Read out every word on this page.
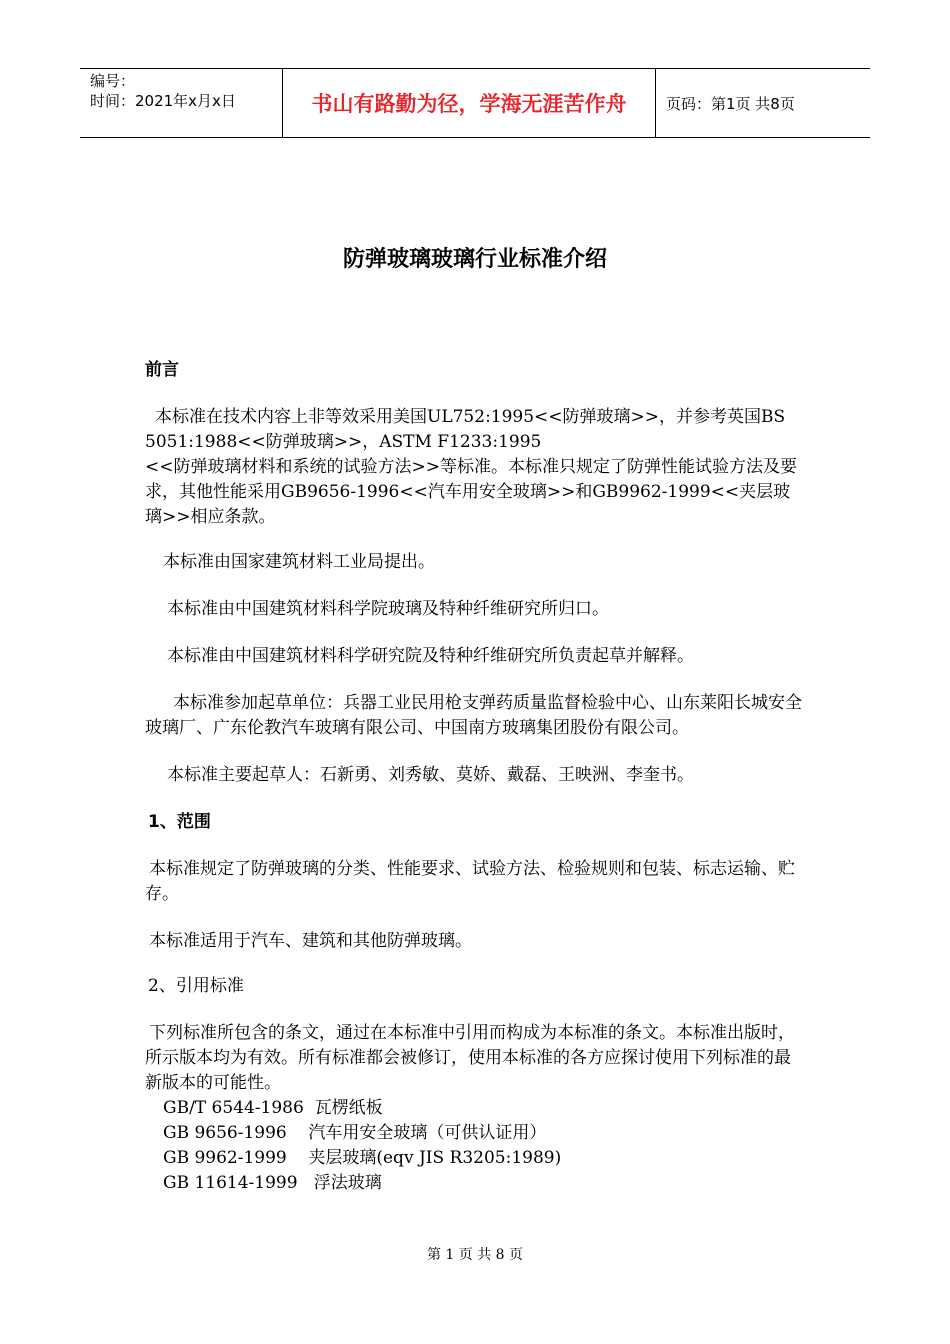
编号：
时间：2021年x月x日	书山有路勤为径，学海无涯苦作舟	页码：第1页 共8页
防弹玻璃玻璃行业标准介绍

前言

本标准在技术内容上非等效采用美国UL752:1995<<防弹玻璃>>，并参考英国BS 5051:1988<<防弹玻璃>>，ASTM F1233:1995
<<防弹玻璃材料和系统的试验方法>>等标准。本标准只规定了防弹性能试验方法及要求，其他性能采用GB9656-1996<<汽车用安全玻璃>>和GB9962-1999<<夹层玻璃>>相应条款。

本标准由国家建筑材料工业局提出。

本标准由中国建筑材料科学院玻璃及特种纤维研究所归口。

本标准由中国建筑材料科学研究院及特种纤维研究所负责起草并解释。

本标准参加起草单位：兵器工业民用枪支弹药质量监督检验中心、山东莱阳长城安全玻璃厂、广东伦教汽车玻璃有限公司、中国南方玻璃集团股份有限公司。

本标准主要起草人：石新勇、刘秀敏、莫娇、戴磊、王映洲、李奎书。

1、范围

本标准规定了防弹玻璃的分类、性能要求、试验方法、检验规则和包装、标志运输、贮存。

本标准适用于汽车、建筑和其他防弹玻璃。

2、引用标准

下列标准所包含的条文，通过在本标准中引用而构成为本标准的条文。本标准出版时，所示版本均为有效。所有标准都会被修订，使用本标准的各方应探讨使用下列标准的最新版本的可能性。

GB/T 6544-1986  瓦楞纸板

GB 9656-1996    汽车用安全玻璃（可供认证用）

GB 9962-1999    夹层玻璃(eqv JIS R3205:1989)

GB 11614-1999   浮法玻璃

第 1 页 共 8 页
